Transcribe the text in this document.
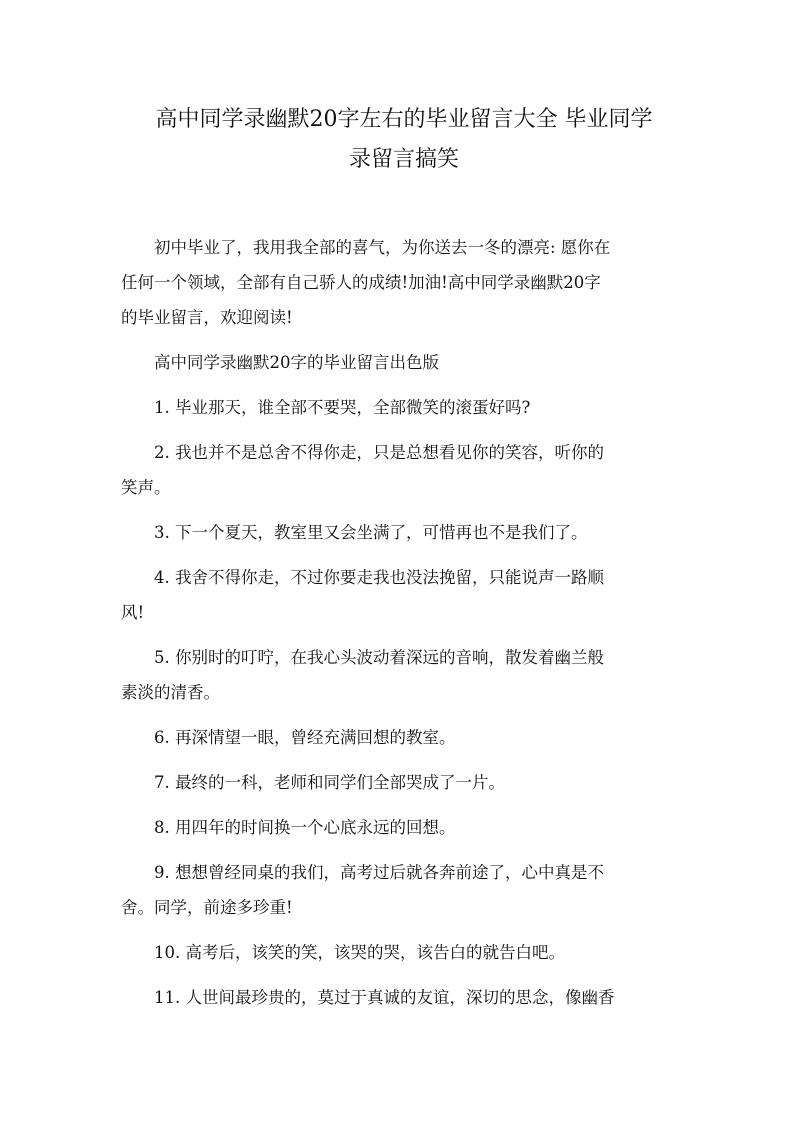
高中同学录幽默20字左右的毕业留言大全 毕业同学
录留言搞笑

初中毕业了，我用我全部的喜气，为你送去一冬的漂亮: 愿你在
任何一个领域，全部有自己骄人的成绩!加油!高中同学录幽默20字
的毕业留言，欢迎阅读!

高中同学录幽默20字的毕业留言出色版

1. 毕业那天，谁全部不要哭，全部微笑的滚蛋好吗?

2. 我也并不是总舍不得你走，只是总想看见你的笑容，听你的
笑声。

3. 下一个夏天，教室里又会坐满了，可惜再也不是我们了。

4. 我舍不得你走，不过你要走我也没法挽留，只能说声一路顺
风!

5. 你别时的叮咛，在我心头波动着深远的音响，散发着幽兰般
素淡的清香。

6. 再深情望一眼，曾经充满回想的教室。

7. 最终的一科，老师和同学们全部哭成了一片。

8. 用四年的时间换一个心底永远的回想。

9. 想想曾经同桌的我们，高考过后就各奔前途了，心中真是不
舍。同学，前途多珍重!

10. 高考后，该笑的笑，该哭的哭，该告白的就告白吧。

11. 人世间最珍贵的，莫过于真诚的友谊，深切的思念，像幽香
